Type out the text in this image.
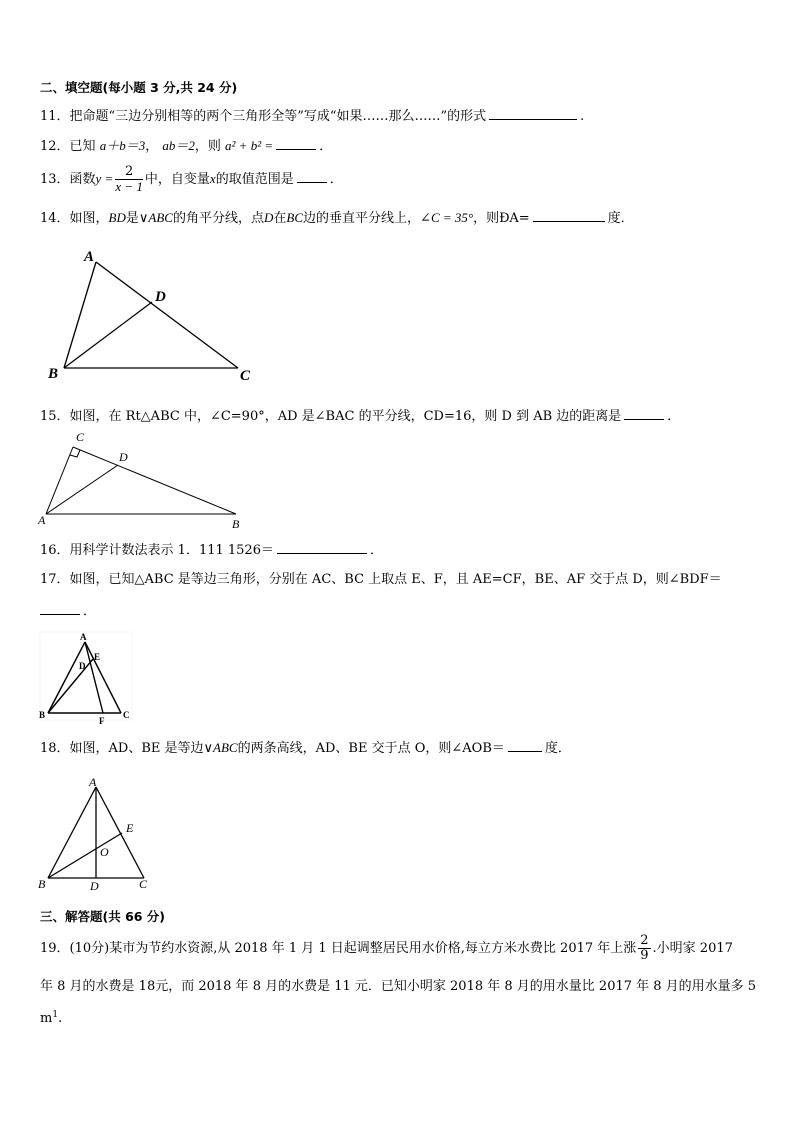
二、填空题(每小题 3 分,共 24 分)
11．把命题“三边分别相等的两个三角形全等”写成“如果……那么……”的形式	.
12．已知 a＋b＝3， ab＝2，则 a² + b² =	．
13．函数$y = \frac{2}{x - 1}$ 中，自变量x的取值范围是	．
14．如图，BD是∨ABC的角平分线，点D在BC边的垂直平分线上，∠C = 35°，则ÐA=	度．
A
B	C
D
15．如图，在 Rt△ABC 中，∠C=90°，AD 是∠BAC 的平分线，CD=16，则 D 到 AB 边的距离是	．
C
D
A	B
16．用科学计数法表示 1．111 1526＝	．
17．如图，已知△ABC 是等边三角形，分别在 AC、BC 上取点 E、F，且 AE=CF，BE、AF 交于点 D，则∠BDF＝
．
A
E
D
B
F
C
18．如图，AD、BE 是等边∨ABC的两条高线，AD、BE 交于点 O，则∠AOB＝	度．
A
E
O
B	D	C
三、解答题(共 66 分)
19．(10分)某市为节约水资源,从 2018 年 1 月 1 日起调整居民用水价格,每立方米水费比 2017 年上涨 $\frac{2}{9}$ .小明家 2017
年 8 月的水费是 18元，而 2018 年 8 月的水费是 11 元．已知小明家 2018 年 8 月的用水量比 2017 年 8 月的用水量多 5
$m^1$.
